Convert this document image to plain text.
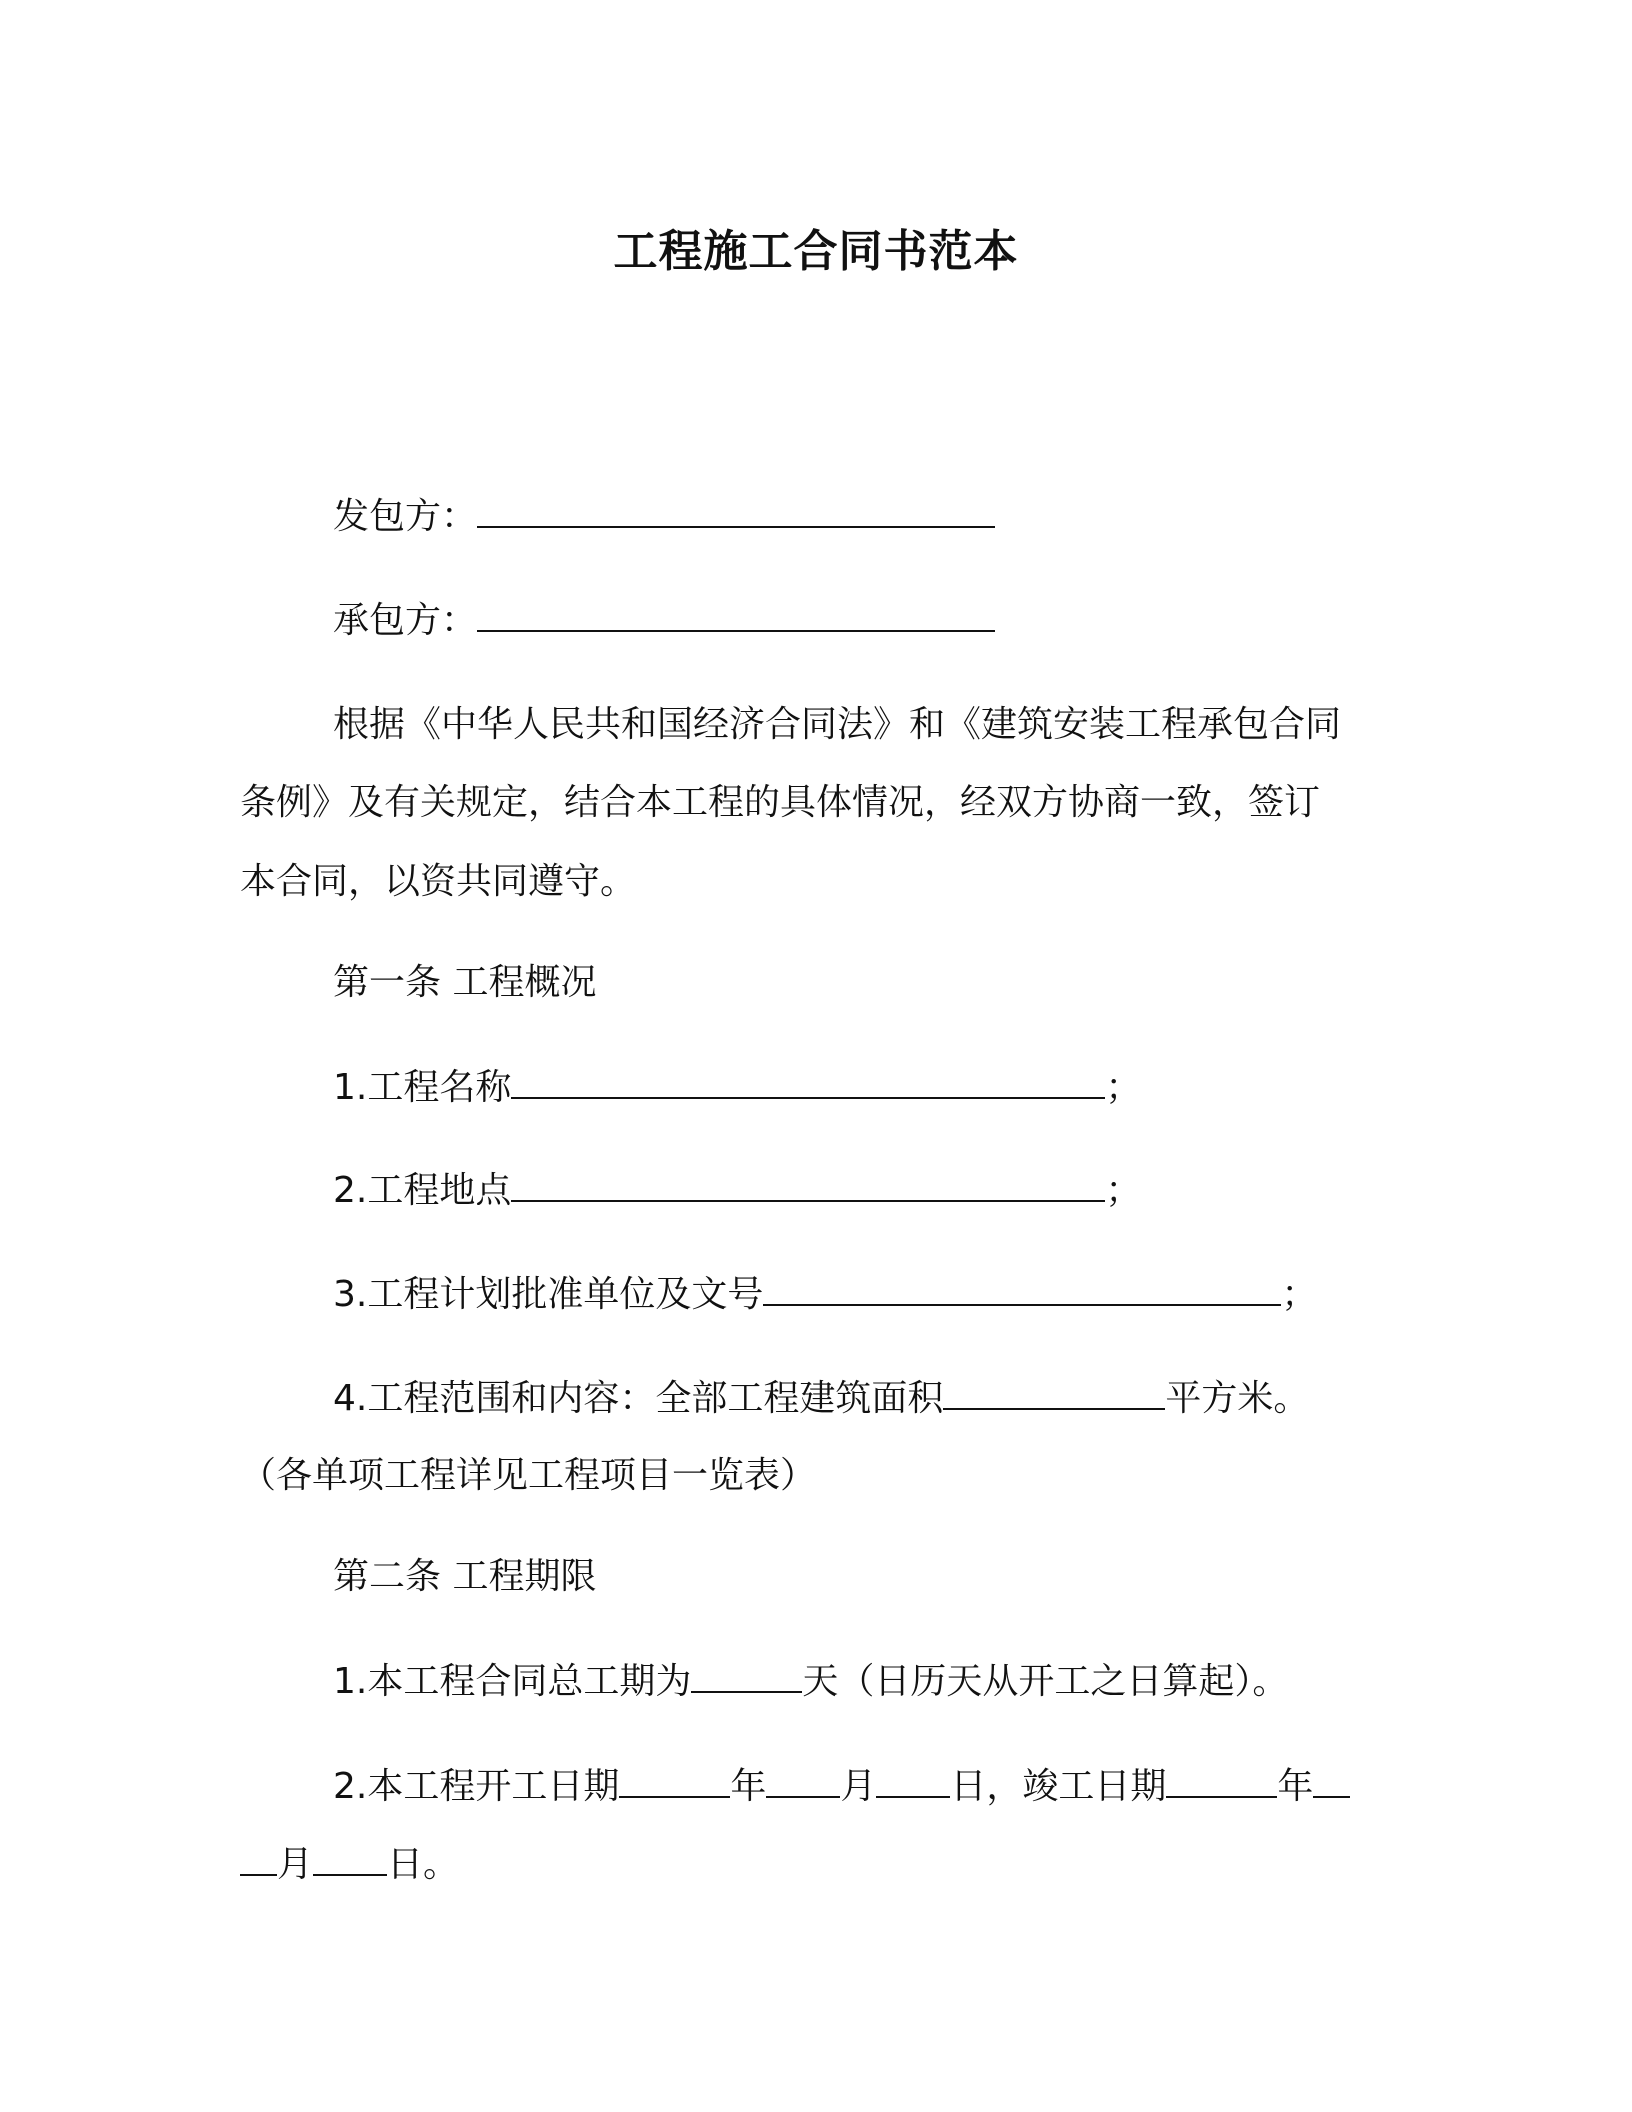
工程施工合同书范本
发包方：
承包方：
根据《中华人民共和国经济合同法》和《建筑安装工程承包合同
条例》及有关规定，结合本工程的具体情况，经双方协商一致，签订
本合同，以资共同遵守。
第一条 工程概况
1.工程名称	；
2.工程地点	；
3.工程计划批准单位及文号	；
4.工程范围和内容：全部工程建筑面积	平方米。
（各单项工程详见工程项目一览表）
第二条 工程期限
1.本工程合同总工期为	天（日历天从开工之日算起）。
2.本工程开工日期	年 月 日，竣工日期	年
月 日。
